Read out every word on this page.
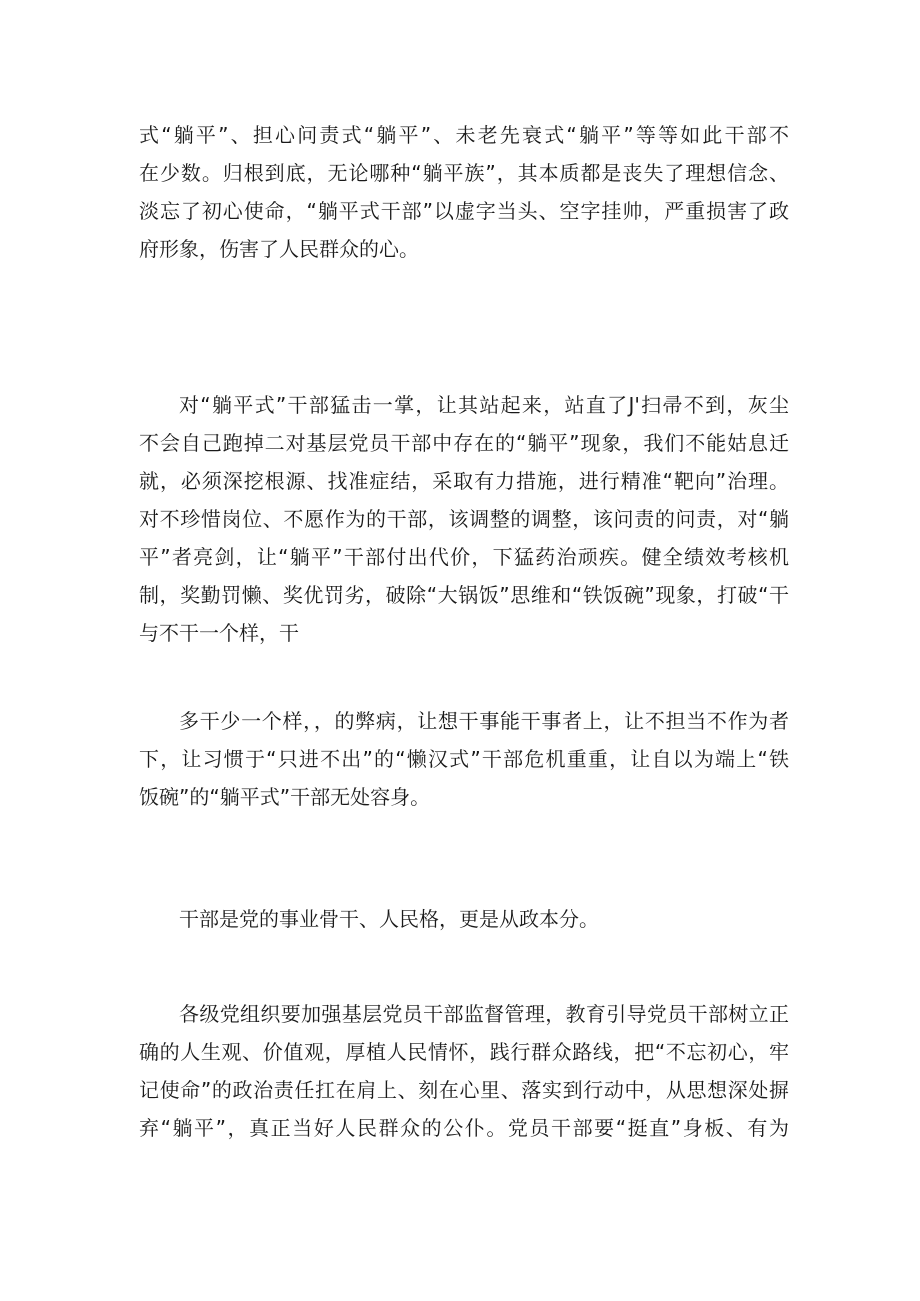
式“躺平”、担心问责式“躺平”、未老先衰式“躺平”等等如此干部不
在少数。归根到底，无论哪种“躺平族”，其本质都是丧失了理想信念、
淡忘了初心使命，“躺平式干部”以虚字当头、空字挂帅，严重损害了政
府形象，伤害了人民群众的心。
对“躺平式”干部猛击一掌，让其站起来，站直了J'扫帚不到，灰尘
不会自己跑掉二对基层党员干部中存在的“躺平”现象，我们不能姑息迁
就，必须深挖根源、找准症结，采取有力措施，进行精准“靶向”治理。
对不珍惜岗位、不愿作为的干部，该调整的调整，该问责的问责，对“躺
平”者亮剑，让“躺平”干部付出代价，下猛药治顽疾。健全绩效考核机
制，奖勤罚懒、奖优罚劣，破除“大锅饭”思维和“铁饭碗”现象，打破“干
与不干一个样，干
多干少一个样，，的弊病，让想干事能干事者上，让不担当不作为者
下，让习惯于“只进不出”的“懒汉式”干部危机重重，让自以为端上“铁
饭碗”的“躺平式”干部无处容身。
干部是党的事业骨干、人民格，更是从政本分。
各级党组织要加强基层党员干部监督管理，教育引导党员干部树立正
确的人生观、价值观，厚植人民情怀，践行群众路线，把“不忘初心，牢
记使命”的政治责任扛在肩上、刻在心里、落实到行动中，从思想深处摒
弃“躺平”，真正当好人民群众的公仆。党员干部要“挺直”身板、有为
